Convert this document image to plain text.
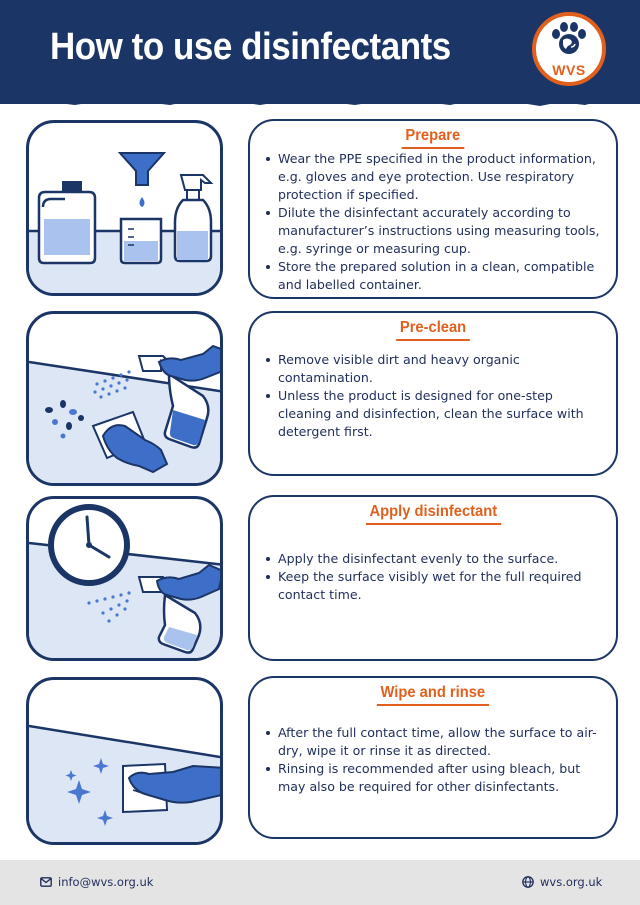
How to use disinfectants
WVS
Prepare
Wear the PPE specified in the product information, e.g. gloves and eye protection. Use respiratory protection if specified.
Dilute the disinfectant accurately according to manufacturer’s instructions using measuring tools, e.g. syringe or measuring cup.
Store the prepared solution in a clean, compatible and labelled container.
Pre-clean
Remove visible dirt and heavy organic contamination.
Unless the product is designed for one-step cleaning and disinfection, clean the surface with detergent first.
Apply disinfectant
Apply the disinfectant evenly to the surface.
Keep the surface visibly wet for the full required contact time.
Wipe and rinse
After the full contact time, allow the surface to air-dry, wipe it or rinse it as directed.
Rinsing is recommended after using bleach, but may also be required for other disinfectants.
info@wvs.org.uk	wvs.org.uk
